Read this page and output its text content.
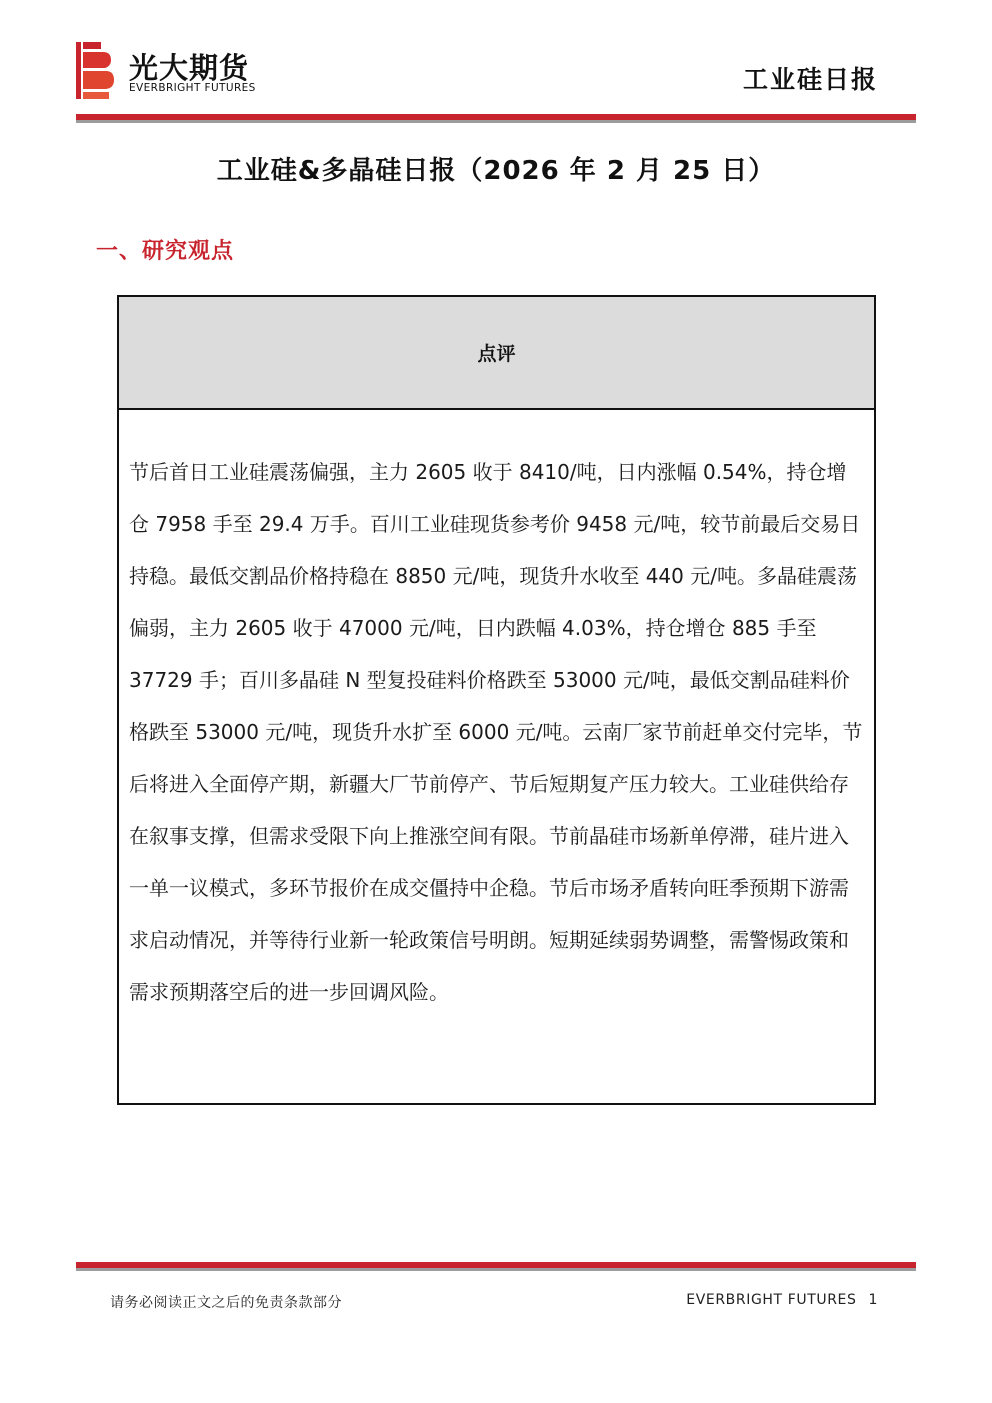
光大期货
EVERBRIGHT FUTURES	工业硅日报
工业硅&多晶硅日报（2026 年 2 月 25 日）
一、研究观点
点评
节后首日工业硅震荡偏强，主力 2605 收于 8410/吨，日内涨幅 0.54%，持仓增仓 7958 手至 29.4 万手。百川工业硅现货参考价 9458 元/吨，较节前最后交易日持稳。最低交割品价格持稳在 8850 元/吨，现货升水收至 440 元/吨。多晶硅震荡偏弱，主力 2605 收于 47000 元/吨，日内跌幅 4.03%，持仓增仓 885 手至 37729 手；百川多晶硅 N 型复投硅料价格跌至 53000 元/吨，最低交割品硅料价格跌至 53000 元/吨，现货升水扩至 6000 元/吨。云南厂家节前赶单交付完毕，节后将进入全面停产期，新疆大厂节前停产、节后短期复产压力较大。工业硅供给存在叙事支撑，但需求受限下向上推涨空间有限。节前晶硅市场新单停滞，硅片进入一单一议模式，多环节报价在成交僵持中企稳。节后市场矛盾转向旺季预期下游需求启动情况，并等待行业新一轮政策信号明朗。短期延续弱势调整，需警惕政策和需求预期落空后的进一步回调风险。
请务必阅读正文之后的免责条款部分	EVERBRIGHT FUTURES 1
